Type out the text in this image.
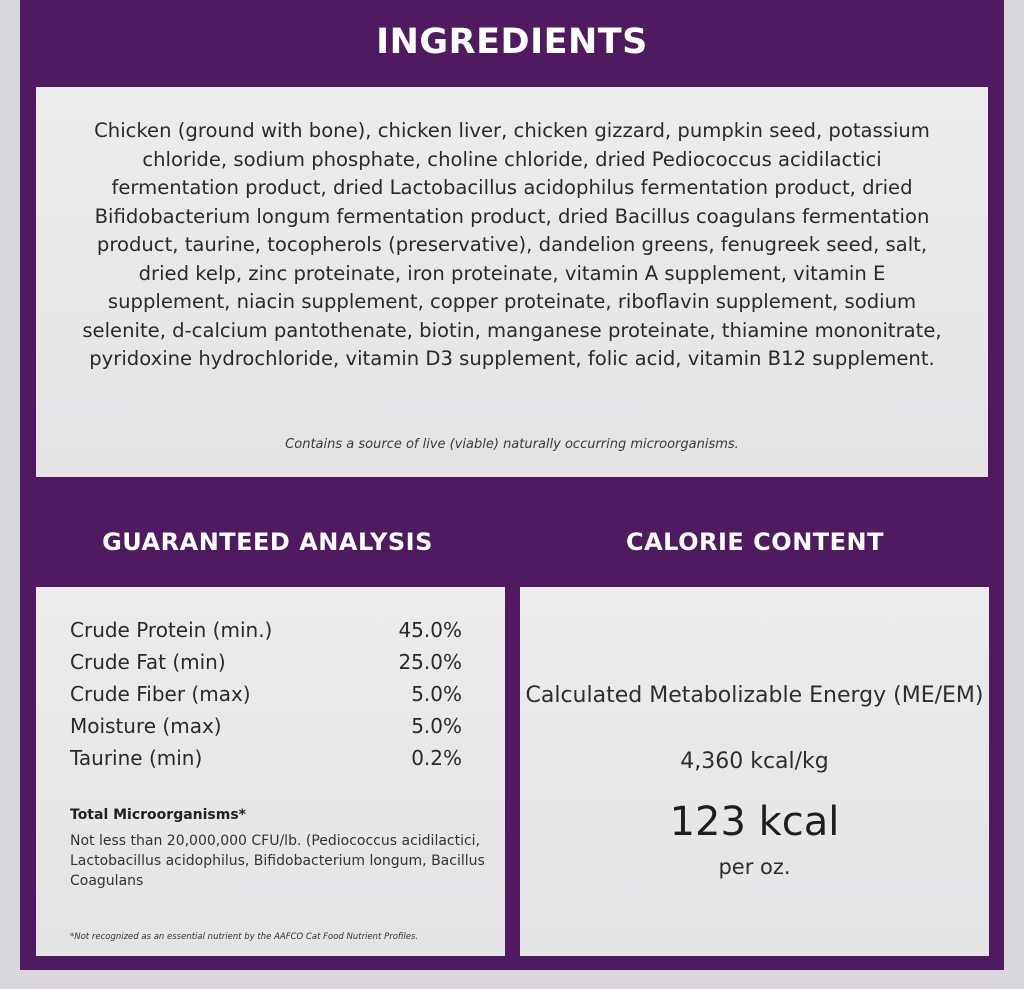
INGREDIENTS

Chicken (ground with bone), chicken liver, chicken gizzard, pumpkin seed, potassium chloride, sodium phosphate, choline chloride, dried Pediococcus acidilactici fermentation product, dried Lactobacillus acidophilus fermentation product, dried Bifidobacterium longum fermentation product, dried Bacillus coagulans fermentation product, taurine, tocopherols (preservative), dandelion greens, fenugreek seed, salt, dried kelp, zinc proteinate, iron proteinate, vitamin A supplement, vitamin E supplement, niacin supplement, copper proteinate, riboflavin supplement, sodium selenite, d-calcium pantothenate, biotin, manganese proteinate, thiamine mononitrate, pyridoxine hydrochloride, vitamin D3 supplement, folic acid, vitamin B12 supplement.

Contains a source of live (viable) naturally occurring microorganisms.

GUARANTEED ANALYSIS	CALORIE CONTENT
Crude Protein (min.)	45.0%
Crude Fat (min)	25.0%
Crude Fiber (max)	5.0%
Moisture (max)	5.0%
Taurine (min)	0.2%
Total Microorganisms*

Not less than 20,000,000 CFU/lb. (Pediococcus acidilactici, Lactobacillus acidophilus, Bifidobacterium longum, Bacillus Coagulans

*Not recognized as an essential nutrient by the AAFCO Cat Food Nutrient Profiles.

Calculated Metabolizable Energy (ME/EM)

4,360 kcal/kg
123 kcal
per oz.
